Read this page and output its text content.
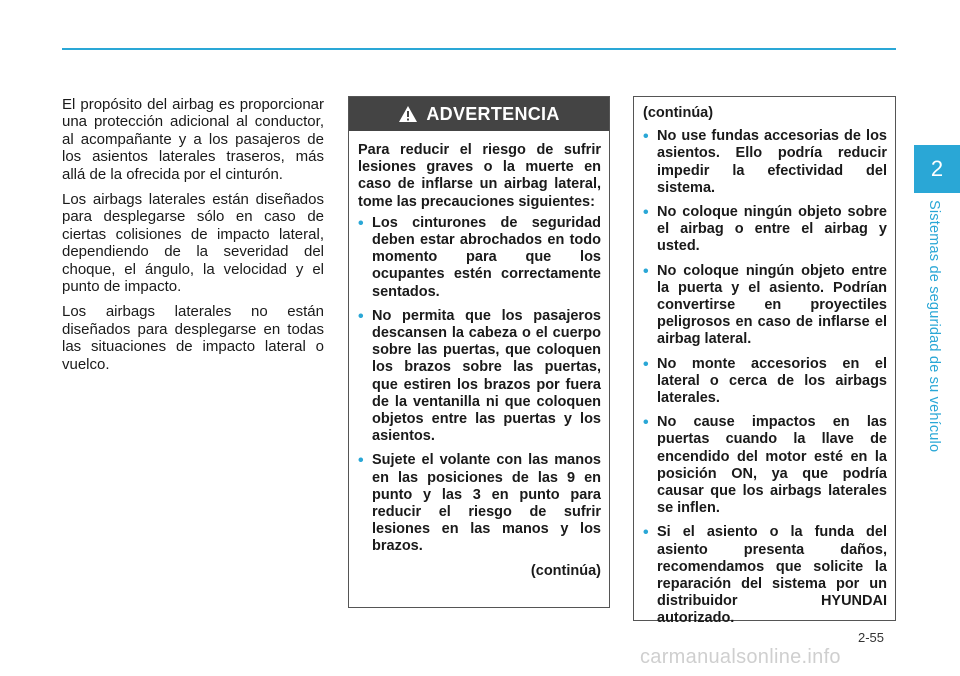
2
Sistemas de seguridad de su vehículo

El propósito del airbag es proporcionar una protección adicional al conductor, al acompañante y a los pasajeros de los asientos laterales traseros, más allá de la ofrecida por el cinturón.

Los airbags laterales están diseñados para desplegarse sólo en caso de ciertas colisiones de impacto lateral, dependiendo de la severidad del choque, el ángulo, la velocidad y el punto de impacto.

Los airbags laterales no están diseñados para desplegarse en todas las situaciones de impacto lateral o vuelco.

ADVERTENCIA

Para reducir el riesgo de sufrir lesiones graves o la muerte en caso de inflarse un airbag lateral, tome las precauciones siguientes:

• Los cinturones de seguridad deben estar abrochados en todo momento para que los ocupantes estén correctamente sentados.
• No permita que los pasajeros descansen la cabeza o el cuerpo sobre las puertas, que coloquen los brazos sobre las puertas, que estiren los brazos por fuera de la ventanilla ni que coloquen objetos entre las puertas y los asientos.
• Sujete el volante con las manos en las posiciones de las 9 en punto y las 3 en punto para reducir el riesgo de sufrir lesiones en las manos y los brazos.
(continúa)

(continúa)

• No use fundas accesorias de los asientos. Ello podría reducir impedir la efectividad del sistema.
• No coloque ningún objeto sobre el airbag o entre el airbag y usted.
• No coloque ningún objeto entre la puerta y el asiento. Podrían convertirse en proyectiles peligrosos en caso de inflarse el airbag lateral.
• No monte accesorios en el lateral o cerca de los airbags laterales.
• No cause impactos en las puertas cuando la llave de encendido del motor esté en la posición ON, ya que podría causar que los airbags laterales se inflen.
• Si el asiento o la funda del asiento presenta daños, recomendamos que solicite la reparación del sistema por un distribuidor HYUNDAI autorizado.
2-55
carmanualsonline.info
